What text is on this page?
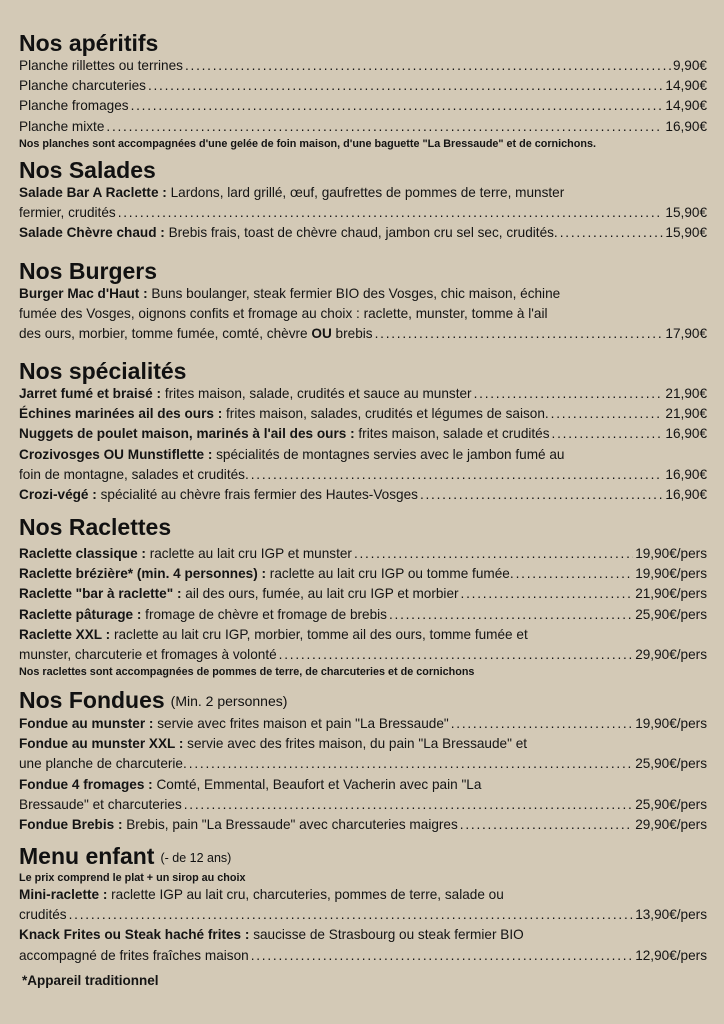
Nos apéritifs
Planche rillettes ou terrines . . .	9,90€
Planche charcuteries . . .	14,90€
Planche fromages . . .	14,90€
Planche mixte . . .	16,90€
Nos planches sont accompagnées d'une gelée de foin maison, d'une baguette "La Bressaude" et de cornichons.
Nos Salades
Salade Bar A Raclette : Lardons, lard grillé, œuf, gaufrettes de pommes de terre, munster
fermier, crudités . . .	15,90€
Salade Chèvre chaud : Brebis frais, toast de chèvre chaud, jambon cru sel sec, crudités. . . .	15,90€
Nos Burgers
Burger Mac d'Haut : Buns boulanger, steak fermier BIO des Vosges, chic maison, échine
fumée des Vosges, oignons confits et fromage au choix : raclette, munster, tomme à l'ail
des ours, morbier, tomme fumée, comté, chèvre OU brebis . . .	17,90€
Nos spécialités
Jarret fumé et braisé : frites maison, salade, crudités et sauce au munster . . .	21,90€
Échines marinées ail des ours : frites maison, salades, crudités et légumes de saison. . . .	21,90€
Nuggets de poulet maison, marinés à l'ail des ours : frites maison, salade et crudités . . .	16,90€
Crozivosges OU Munstiflette : spécialités de montagnes servies avec le jambon fumé au
foin de montagne, salades et crudités. . . .	16,90€
Crozi-végé : spécialité au chèvre frais fermier des Hautes-Vosges . . .	16,90€
Nos Raclettes
Raclette classique : raclette au lait cru IGP et munster . . .	19,90€/pers
Raclette brézière* (min. 4 personnes) : raclette au lait cru IGP ou tomme fumée. . . .	19,90€/pers
Raclette "bar à raclette" : ail des ours, fumée, au lait cru IGP et morbier . . .	21,90€/pers
Raclette pâturage : fromage de chèvre et fromage de brebis . . .	25,90€/pers
Raclette XXL : raclette au lait cru IGP, morbier, tomme ail des ours, tomme fumée et
munster, charcuterie et fromages à volonté . . .	29,90€/pers
Nos raclettes sont accompagnées de pommes de terre, de charcuteries et de cornichons
Nos Fondues (Min. 2 personnes)
Fondue au munster : servie avec frites maison et pain "La Bressaude" . . .	19,90€/pers
Fondue au munster XXL : servie avec des frites maison, du pain "La Bressaude" et
une planche de charcuterie. . . .	25,90€/pers
Fondue 4 fromages : Comté, Emmental, Beaufort et Vacherin avec pain "La
Bressaude" et charcuteries . . .	25,90€/pers
Fondue Brebis : Brebis, pain "La Bressaude" avec charcuteries maigres . . .	29,90€/pers
Menu enfant (- de 12 ans)
Le prix comprend le plat + un sirop au choix
Mini-raclette : raclette IGP au lait cru, charcuteries, pommes de terre, salade ou
crudités . . .	13,90€/pers
Knack Frites ou Steak haché frites : saucisse de Strasbourg ou steak fermier BIO
accompagné de frites fraîches maison . . .	12,90€/pers
*Appareil traditionnel
